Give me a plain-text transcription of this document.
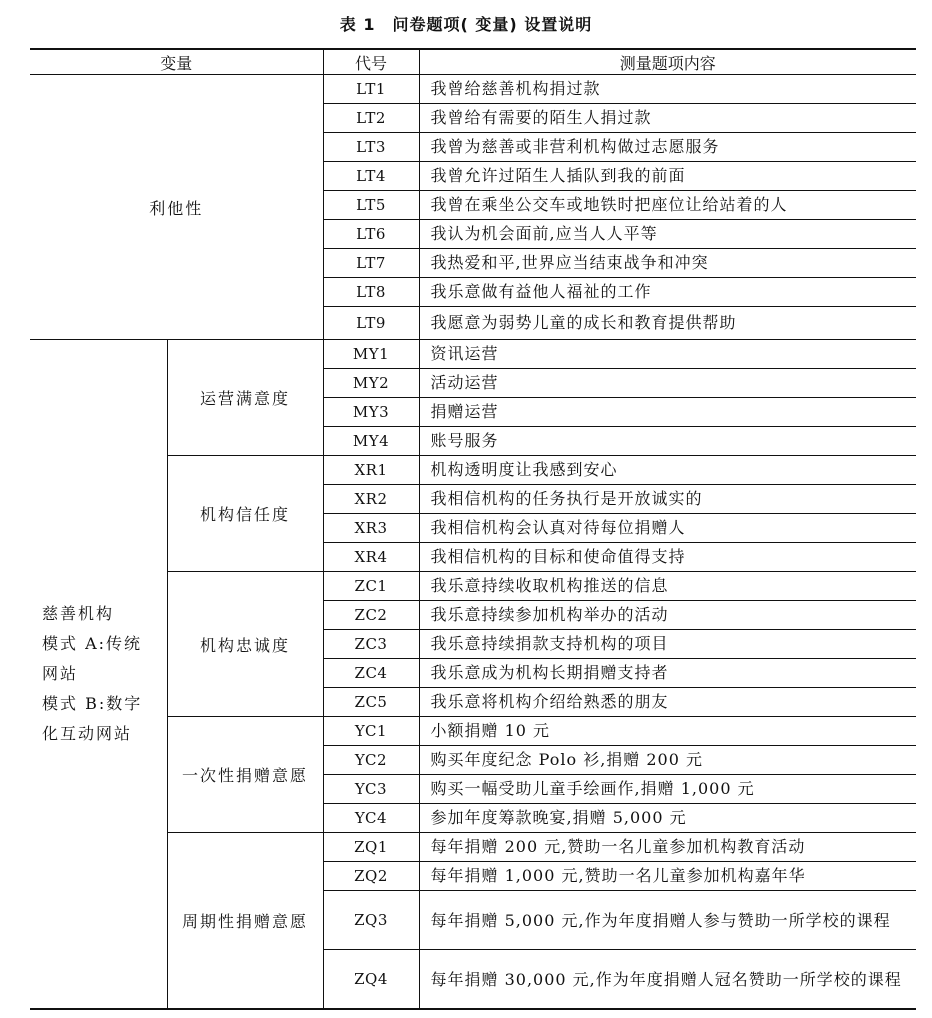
表 1　问卷题项( 变量) 设置说明
变量		代号	测量题项内容
利他性		LT1	我曾给慈善机构捐过款
		LT2	我曾给有需要的陌生人捐过款
		LT3	我曾为慈善或非营利机构做过志愿服务
		LT4	我曾允许过陌生人插队到我的前面
		LT5	我曾在乘坐公交车或地铁时把座位让给站着的人
		LT6	我认为机会面前,应当人人平等
		LT7	我热爱和平,世界应当结束战争和冲突
		LT8	我乐意做有益他人福祉的工作
		LT9	我愿意为弱势儿童的成长和教育提供帮助

慈善机构
模式 A:传统
网站
模式 B:数字
化互动网站	运营满意度	MY1	资讯运营
		MY2	活动运营
		MY3	捐赠运营
		MY4	账号服务
	机构信任度	XR1	机构透明度让我感到安心
		XR2	我相信机构的任务执行是开放诚实的
		XR3	我相信机构会认真对待每位捐赠人
		XR4	我相信机构的目标和使命值得支持
	机构忠诚度	ZC1	我乐意持续收取机构推送的信息
		ZC2	我乐意持续参加机构举办的活动
		ZC3	我乐意持续捐款支持机构的项目
		ZC4	我乐意成为机构长期捐赠支持者
		ZC5	我乐意将机构介绍给熟悉的朋友
	一次性捐赠意愿	YC1	小额捐赠 10 元
		YC2	购买年度纪念 Polo 衫,捐赠 200 元
		YC3	购买一幅受助儿童手绘画作,捐赠 1,000 元
		YC4	参加年度筹款晚宴,捐赠 5,000 元
	周期性捐赠意愿	ZQ1	每年捐赠 200 元,赞助一名儿童参加机构教育活动
		ZQ2	每年捐赠 1,000 元,赞助一名儿童参加机构嘉年华
		ZQ3	每年捐赠 5,000 元,作为年度捐赠人参与赞助一所学校的课程
		ZQ4	每年捐赠 30,000 元,作为年度捐赠人冠名赞助一所学校的课程
